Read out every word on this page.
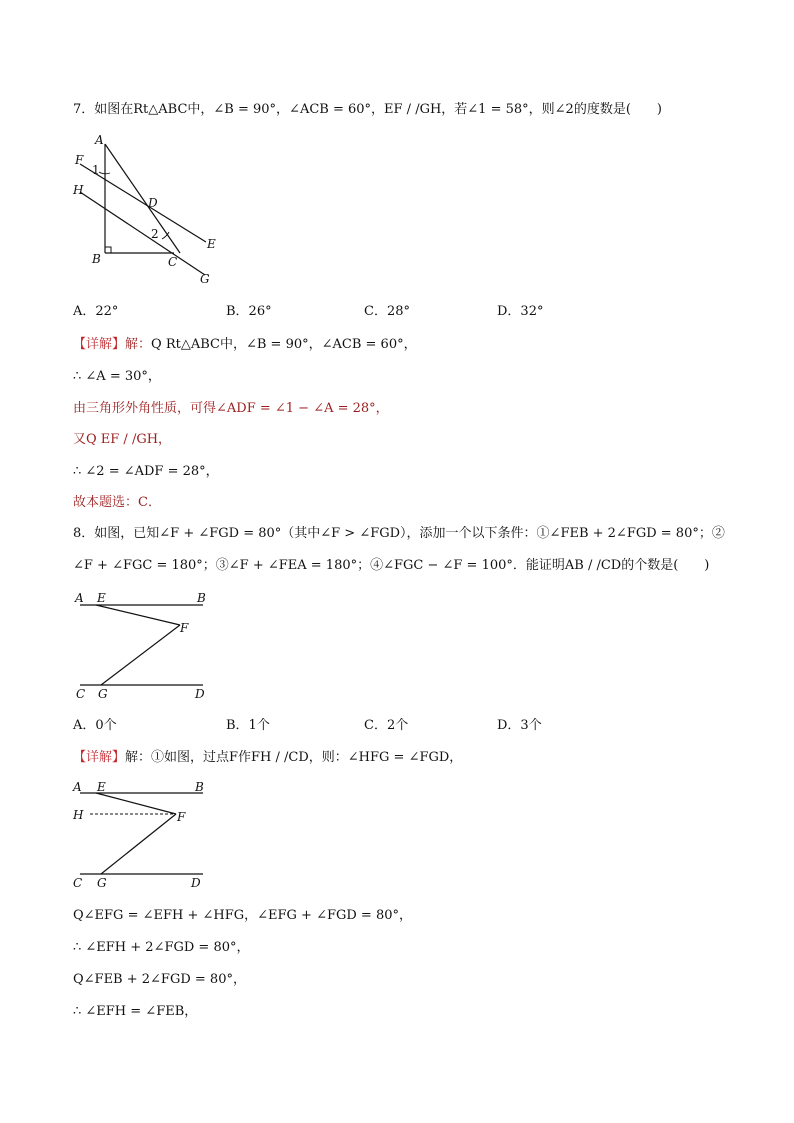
7．如图在Rt△ABC中，∠B = 90°，∠ACB = 60°，EF / /GH，若∠1 = 58°，则∠2的度数是(　　)
A
F
1
H
D
2
E
B	C
G
A．22°	B．26°	C．28°	D．32°
【详解】解：Q Rt△ABC中，∠B = 90°，∠ACB = 60°，
∴ ∠A = 30°，
由三角形外角性质，可得∠ADF = ∠1 − ∠A = 28°，
又Q EF / /GH，
∴ ∠2 = ∠ADF = 28°，
故本题选：C．
8．如图，已知∠F + ∠FGD = 80°（其中∠F > ∠FGD），添加一个以下条件：①∠FEB + 2∠FGD = 80°；②
∠F + ∠FGC = 180°；③∠F + ∠FEA = 180°；④∠FGC − ∠F = 100°．能证明AB / /CD的个数是(　　)
A E	B
F
C G	D
A．0个	B．1个	C．2个	D．3个
【详解】解：①如图，过点F作FH / /CD，则：∠HFG = ∠FGD，
A E	B
H	F
C G	D
Q∠EFG = ∠EFH + ∠HFG，∠EFG + ∠FGD = 80°，
∴ ∠EFH + 2∠FGD = 80°，
Q∠FEB + 2∠FGD = 80°，
∴ ∠EFH = ∠FEB，
